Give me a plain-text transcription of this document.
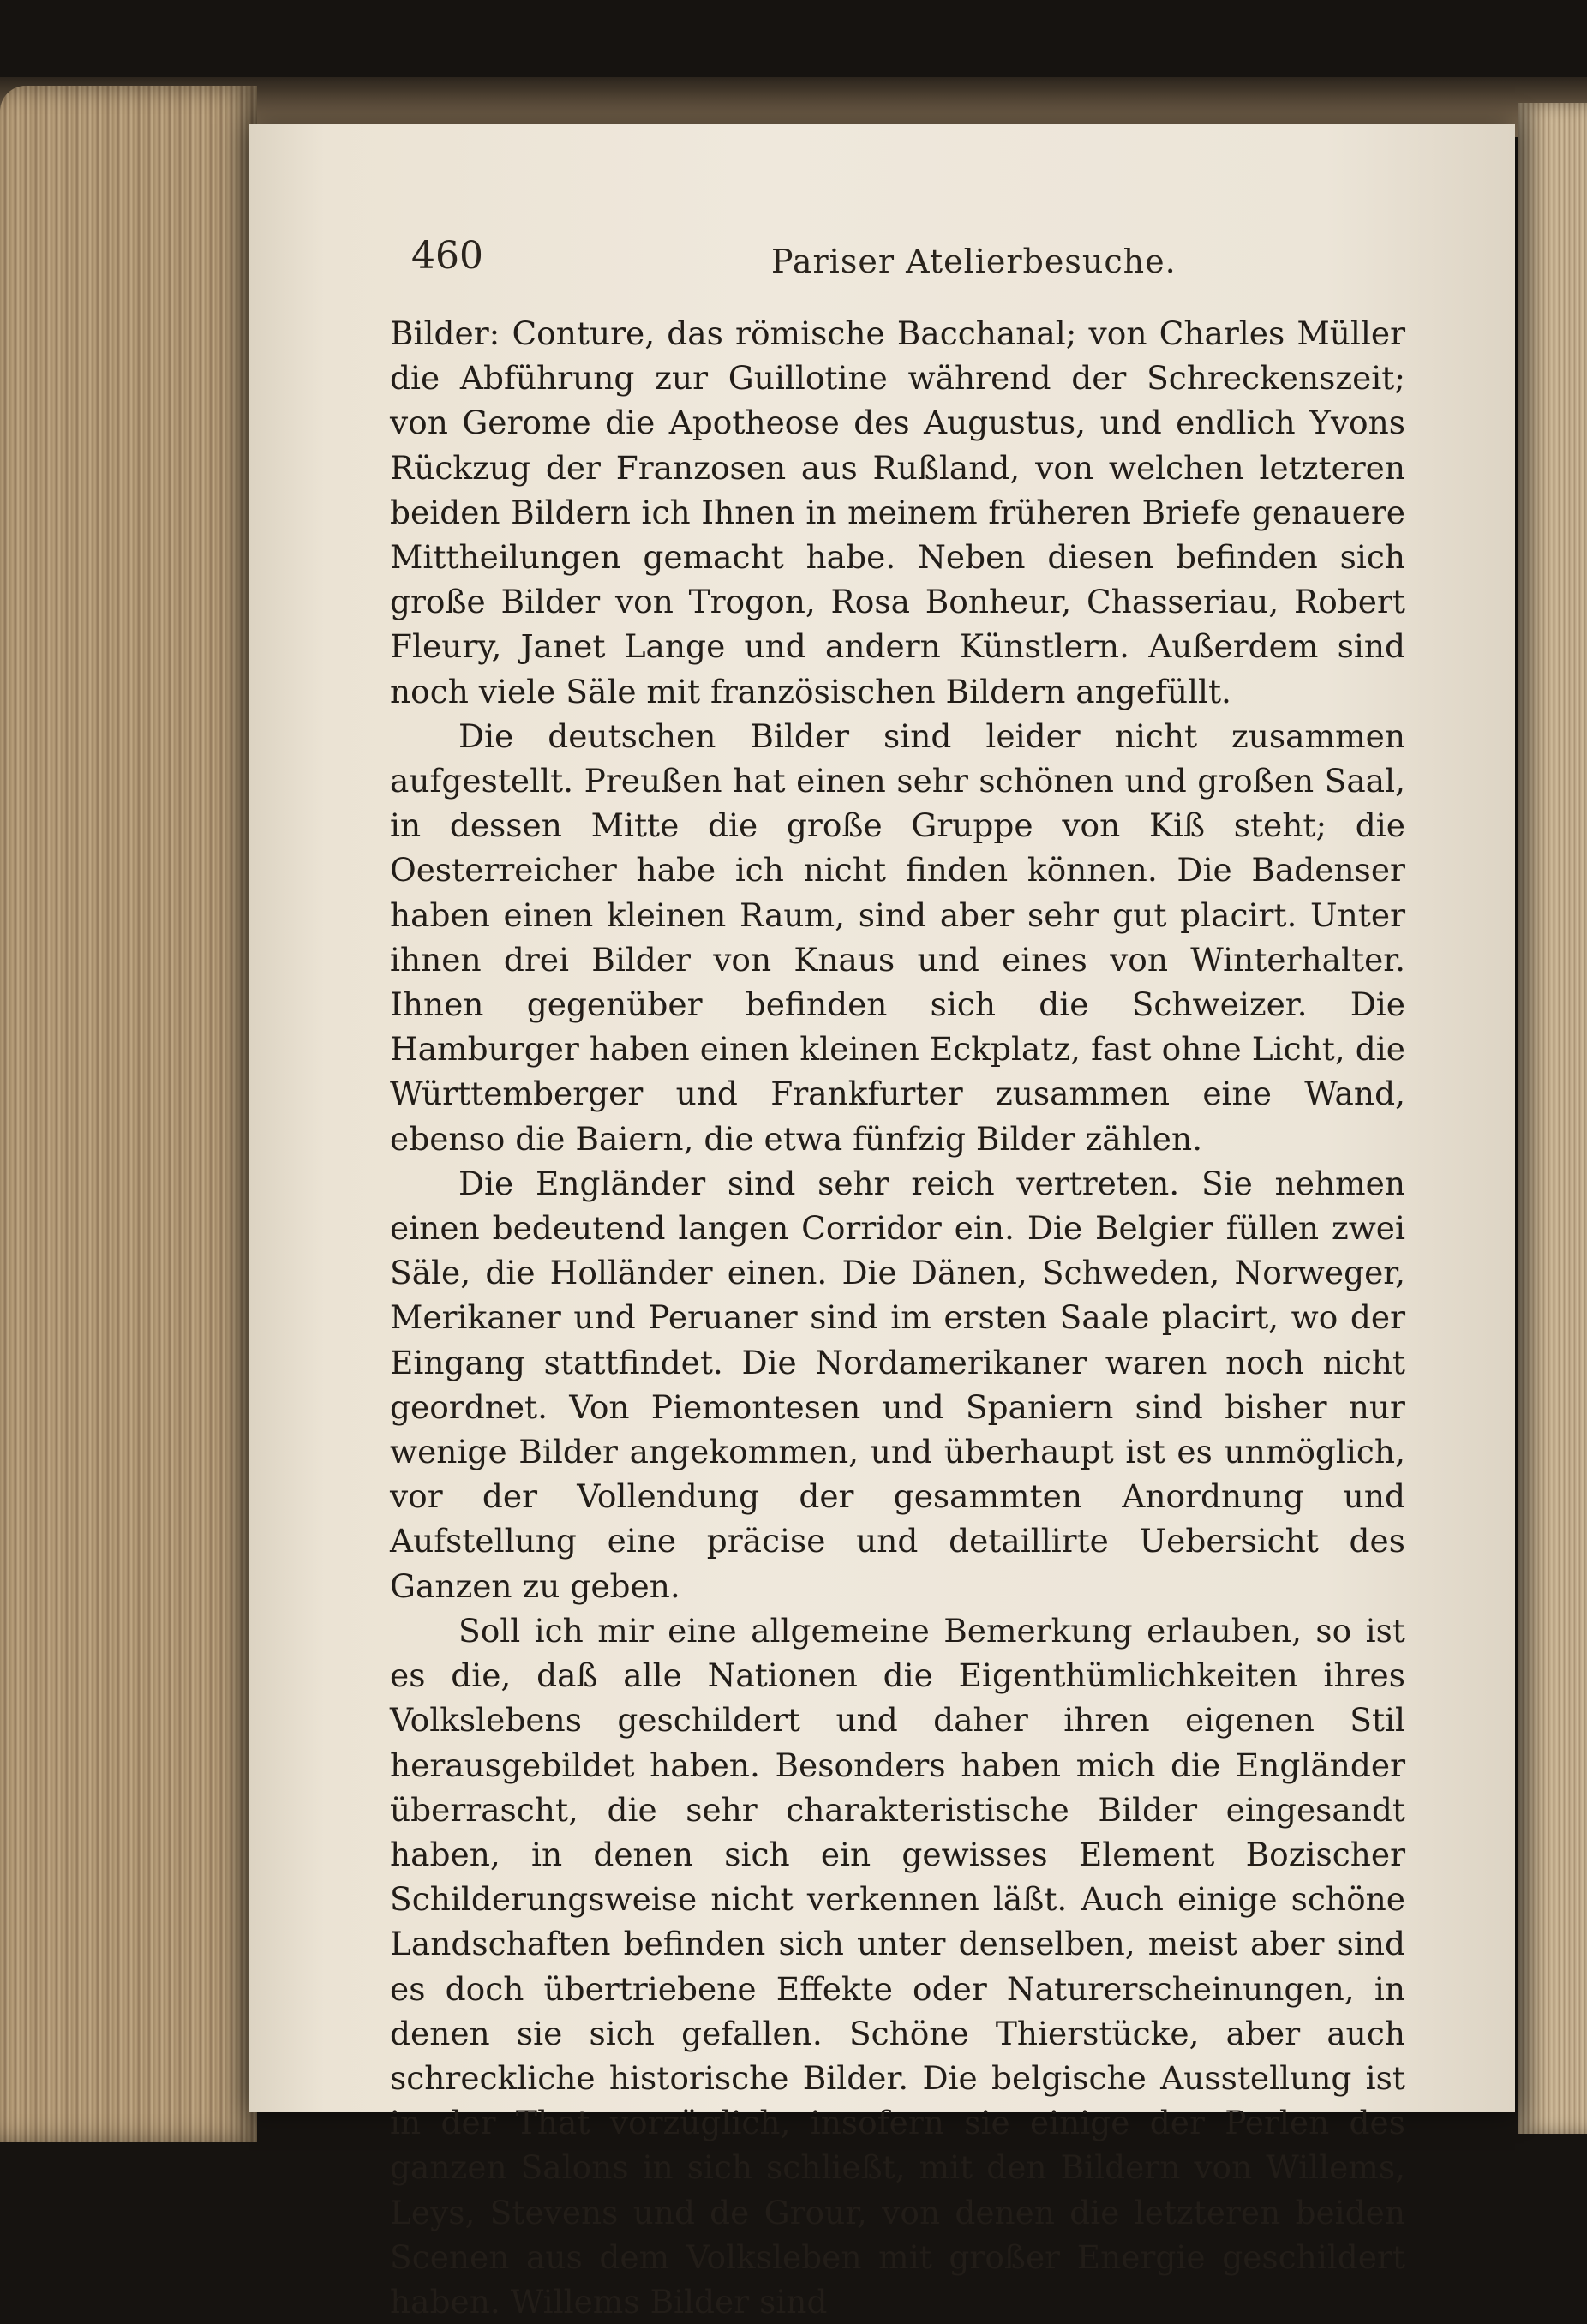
460	Pariser Atelierbesuche.

Bilder: Conture, das römische Bacchanal; von Charles Müller die Abführung zur Guillotine während der Schreckenszeit; von Gerome die Apotheose des Augustus, und endlich Yvons Rückzug der Franzosen aus Rußland, von welchen letzteren beiden Bildern ich Ihnen in meinem früheren Briefe genauere Mittheilungen gemacht habe. Neben diesen befinden sich große Bilder von Trogon, Rosa Bonheur, Chasseriau, Robert Fleury, Janet Lange und andern Künstlern. Außerdem sind noch viele Säle mit französischen Bildern angefüllt.

Die deutschen Bilder sind leider nicht zusammen aufgestellt. Preußen hat einen sehr schönen und großen Saal, in dessen Mitte die große Gruppe von Kiß steht; die Oesterreicher habe ich nicht finden können. Die Badenser haben einen kleinen Raum, sind aber sehr gut placirt. Unter ihnen drei Bilder von Knaus und eines von Winterhalter. Ihnen gegenüber befinden sich die Schweizer. Die Hamburger haben einen kleinen Eckplatz, fast ohne Licht, die Württemberger und Frankfurter zusammen eine Wand, ebenso die Baiern, die etwa fünfzig Bilder zählen.

Die Engländer sind sehr reich vertreten. Sie nehmen einen bedeutend langen Corridor ein. Die Belgier füllen zwei Säle, die Holländer einen. Die Dänen, Schweden, Norweger, Merikaner und Peruaner sind im ersten Saale placirt, wo der Eingang stattfindet. Die Nordamerikaner waren noch nicht geordnet. Von Piemontesen und Spaniern sind bisher nur wenige Bilder angekommen, und überhaupt ist es unmöglich, vor der Vollendung der gesammten Anordnung und Aufstellung eine präcise und detaillirte Uebersicht des Ganzen zu geben.

Soll ich mir eine allgemeine Bemerkung erlauben, so ist es die, daß alle Nationen die Eigenthümlichkeiten ihres Volkslebens geschildert und daher ihren eigenen Stil herausgebildet haben. Besonders haben mich die Engländer überrascht, die sehr charakteristische Bilder eingesandt haben, in denen sich ein gewisses Element Bozischer Schilderungsweise nicht verkennen läßt. Auch einige schöne Landschaften befinden sich unter denselben, meist aber sind es doch übertriebene Effekte oder Naturerscheinungen, in denen sie sich gefallen. Schöne Thierstücke, aber auch schreckliche historische Bilder. Die belgische Ausstellung ist in der That vorzüglich, insofern sie einige der Perlen des ganzen Salons in sich schließt, mit den Bildern von Willems, Leys, Stevens und de Grour, von denen die letzteren beiden Scenen aus dem Volksleben mit großer Energie geschildert haben. Willems Bilder sind
